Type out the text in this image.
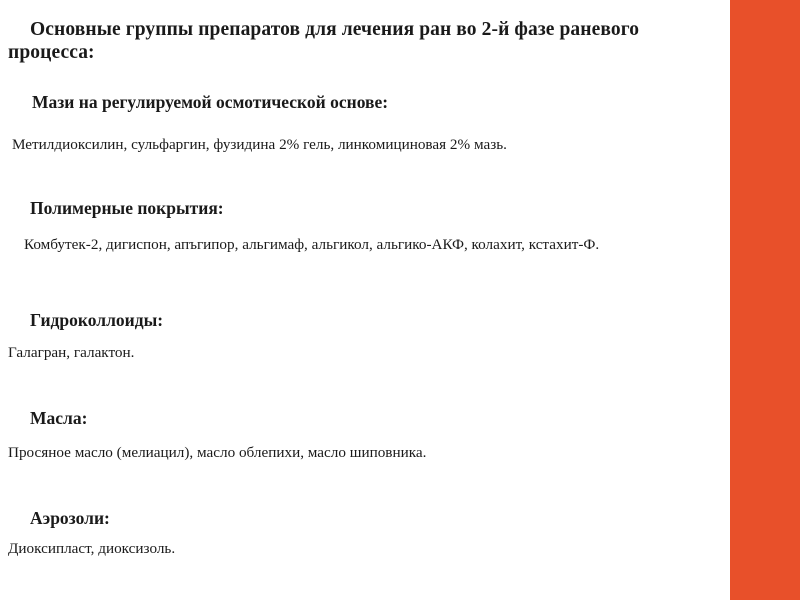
Основные группы препаратов для лечения ран во 2-й фазе раневого процесса:
Мази на регулируемой осмотической основе:
Метилдиоксилин, сульфаргин, фузидина 2% гель, линкомициновая 2% мазь.
Полимерные покрытия:
Комбутек-2, дигиспон, апъгипор, альгимаф, альгикол, альгико-АКФ, колахит, кстахит-Ф.
Гидроколлоиды:
Галагран, галактон.
Масла:
Просяное масло (мелиацил), масло облепихи, масло шиповника.
Аэрозоли:
Диоксипласт, диоксизоль.
